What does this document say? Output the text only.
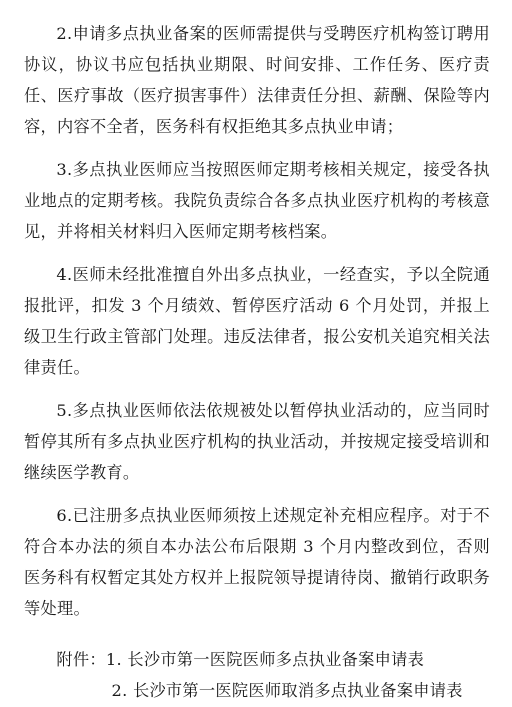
2.申请多点执业备案的医师需提供与受聘医疗机构签订聘用协议，协议书应包括执业期限、时间安排、工作任务、医疗责任、医疗事故（医疗损害事件）法律责任分担、薪酬、保险等内容，内容不全者，医务科有权拒绝其多点执业申请；

3.多点执业医师应当按照医师定期考核相关规定，接受各执业地点的定期考核。我院负责综合各多点执业医疗机构的考核意见，并将相关材料归入医师定期考核档案。

4.医师未经批准擅自外出多点执业，一经查实，予以全院通报批评，扣发 3 个月绩效、暂停医疗活动 6 个月处罚，并报上级卫生行政主管部门处理。违反法律者，报公安机关追究相关法律责任。

5.多点执业医师依法依规被处以暂停执业活动的，应当同时暂停其所有多点执业医疗机构的执业活动，并按规定接受培训和继续医学教育。

6.已注册多点执业医师须按上述规定补充相应程序。对于不符合本办法的须自本办法公布后限期 3 个月内整改到位，否则医务科有权暂定其处方权并上报院领导提请待岗、撤销行政职务等处理。

附件：1. 长沙市第一医院医师多点执业备案申请表
2. 长沙市第一医院医师取消多点执业备案申请表
